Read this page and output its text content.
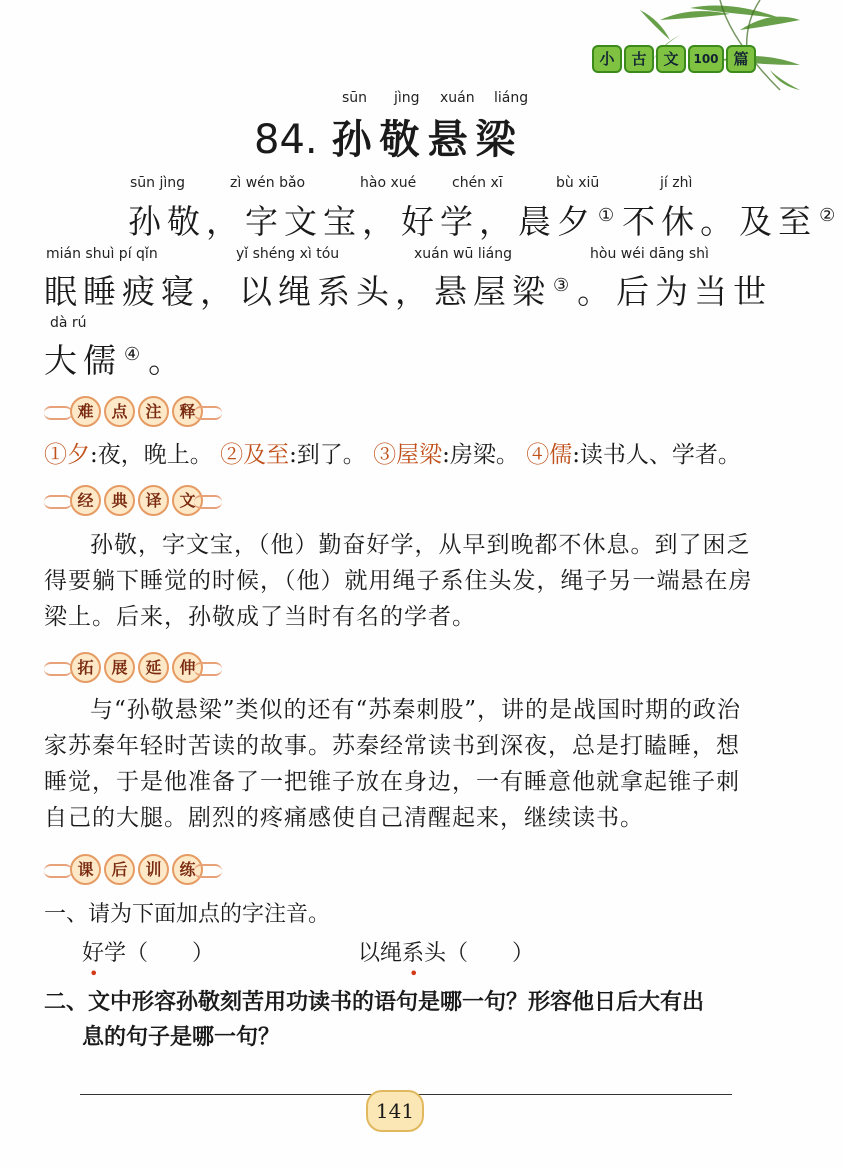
小	古	文	100 篇
sūn jìng xuán liáng
84. 孙敬悬梁
sūn jìng	zì wén bǎo	hào xué	chén xī	bù xiū	jí zhì
孙敬，字文宝，好学，晨夕 ①不休。及至 ②
mián shuì pí qǐn	yǐ shéng xì tóu	xuán wū liáng	hòu wéi dāng shì
眠睡疲寝，以绳系头，悬屋梁 ③。后为当世
dà rú
大儒 ④。
难	点	注	释
①夕:夜，晚上。 ②及至:到了。 ③屋梁:房梁。 ④儒:读书人、学者。
经	典	译	文
孙敬，字文宝，（他）勤奋好学，从早到晚都不休息。到了困乏得要躺下睡觉的时候，（他）就用绳子系住头发，绳子另一端悬在房梁上。后来，孙敬成了当时有名的学者。
拓	展	延	伸
与“孙敬悬梁”类似的还有“苏秦刺股”，讲的是战国时期的政治家苏秦年轻时苦读的故事。苏秦经常读书到深夜，总是打瞌睡，想睡觉，于是他准备了一把锥子放在身边，一有睡意他就拿起锥子刺自己的大腿。剧烈的疼痛感使自己清醒起来，继续读书。
课	后	训	练
一、请为下面加点的字注音。
好学（　　）
•
以绳系头（　　）
•
二、文中形容孙敬刻苦用功读书的语句是哪一句？形容他日后大有出
息的句子是哪一句？
141
